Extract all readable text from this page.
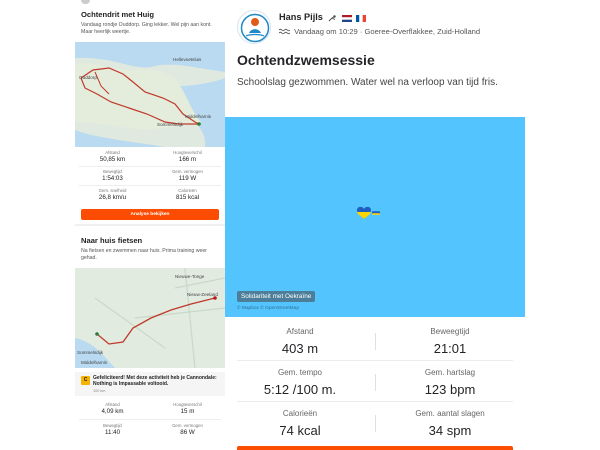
Ochtendrit met Huig
Vandaag rondje Ouddorp. Ging lekker. Wel pijn aan kont. Maar heerlijk weertje.
Hellevoetsluis
Ouddorp
Middelharnis
Sommelsdijk
Afstand
50,85 km
Hoogteverschil
166 m
Bewegtijd
1:54:03
Gem. vermogen
119 W
Gem. snelheid
26,8 km/u
Calorieën
815 kcal
Analyse bekijken
Naar huis fietsen
Na fietsen en zwemmen naar huis. Prima training weer gehad.
Nieuwe-Tonge
Nieuw-Zeeland
Middelharnis
Sommelsdijk
C	Gefeliciteerd! Met deze activiteit heb je Cannondale: Nothing is Impassable voltooid.
100 km
Afstand
4,09 km
Hoogteverschil
15 m
Bewegtijd
11:40
Gem. vermogen
86 W
Hans Pijls
Vandaag om 10:29 · Goeree-Overflakkee, Zuid-Holland
Ochtendzwemsessie
Schoolslag gezwommen. Water wel na verloop van tijd fris.
Solidariteit met Oekraïne
© Mapbox © OpenStreetMap
Afstand
403 m
Beweegtijd
21:01
Gem. tempo
5:12 /100 m.
Gem. hartslag
123 bpm
Calorieën
74 kcal
Gem. aantal slagen
34 spm
